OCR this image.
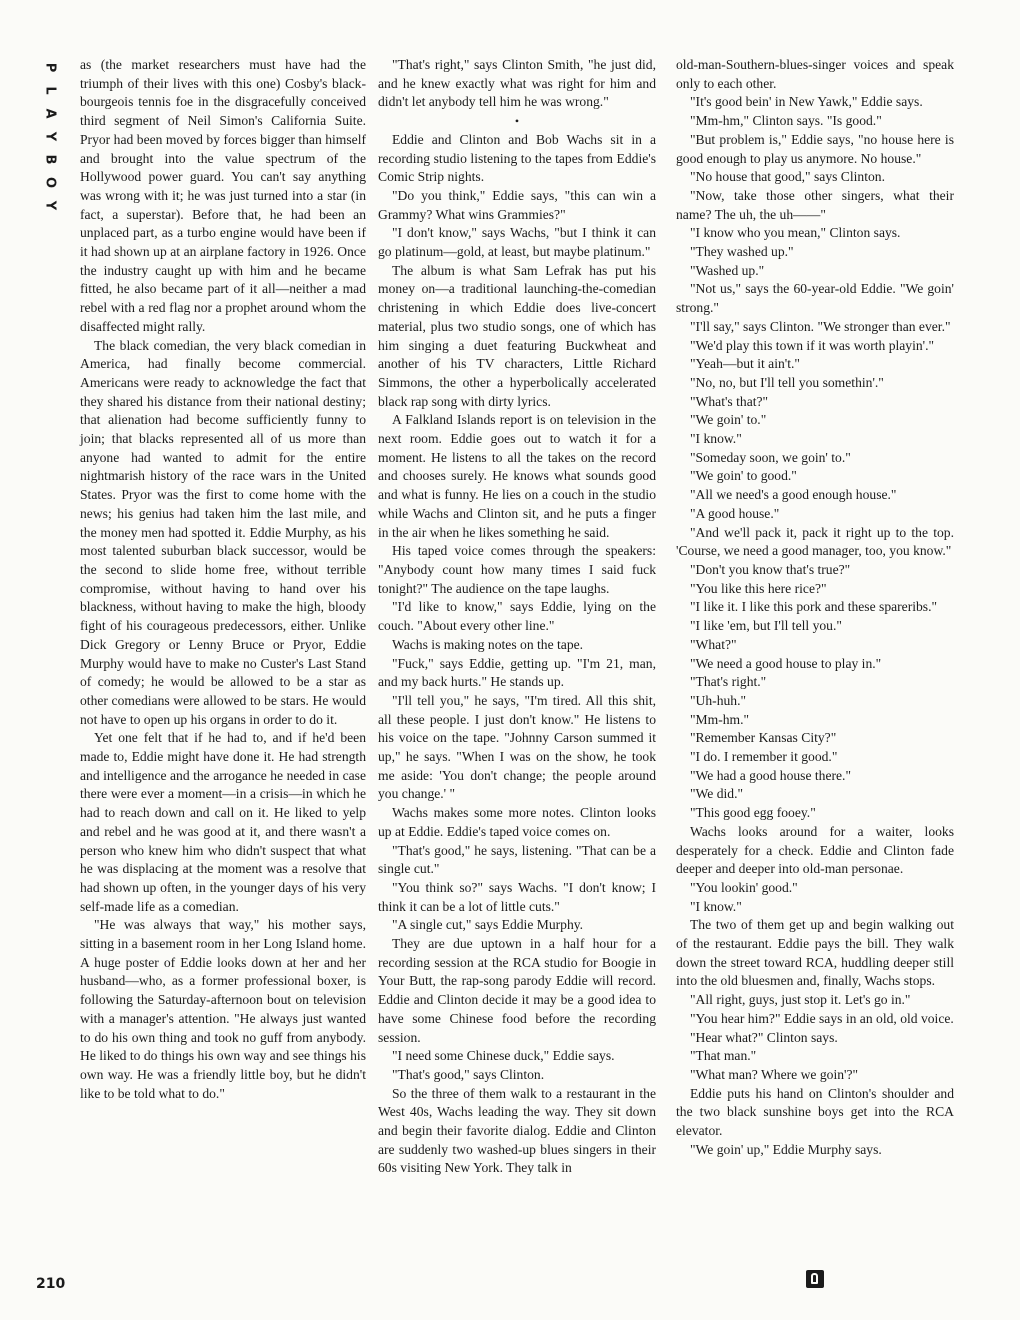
P
L
A
Y
B
O
Y

as (the market researchers must have had the triumph of their lives with this one) Cosby's black-bourgeois tennis foe in the disgracefully conceived third segment of Neil Simon's California Suite. Pryor had been moved by forces bigger than himself and brought into the value spectrum of the Hollywood power guard. You can't say anything was wrong with it; he was just turned into a star (in fact, a superstar). Before that, he had been an unplaced part, as a turbo engine would have been if it had shown up at an airplane factory in 1926. Once the industry caught up with him and he became fitted, he also became part of it all—neither a mad rebel with a red flag nor a prophet around whom the disaffected might rally.

The black comedian, the very black comedian in America, had finally become commercial. Americans were ready to acknowledge the fact that they shared his distance from their national destiny; that alienation had become sufficiently funny to join; that blacks represented all of us more than anyone had wanted to admit for the entire nightmarish history of the race wars in the United States. Pryor was the first to come home with the news; his genius had taken him the last mile, and the money men had spotted it. Eddie Murphy, as his most talented suburban black successor, would be the second to slide home free, without terrible compromise, without having to hand over his blackness, without having to make the high, bloody fight of his courageous predecessors, either. Unlike Dick Gregory or Lenny Bruce or Pryor, Eddie Murphy would have to make no Custer's Last Stand of comedy; he would be allowed to be a star as other comedians were allowed to be stars. He would not have to open up his organs in order to do it.

Yet one felt that if he had to, and if he'd been made to, Eddie might have done it. He had strength and intelligence and the arrogance he needed in case there were ever a moment—in a crisis—in which he had to reach down and call on it. He liked to yelp and rebel and he was good at it, and there wasn't a person who knew him who didn't suspect that what he was displacing at the moment was a resolve that had shown up often, in the younger days of his very self-made life as a comedian.

"He was always that way," his mother says, sitting in a basement room in her Long Island home. A huge poster of Eddie looks down at her and her husband—who, as a former professional boxer, is following the Saturday-afternoon bout on television with a manager's attention. "He always just wanted to do his own thing and took no guff from anybody. He liked to do things his own way and see things his own way. He was a friendly little boy, but he didn't like to be told what to do."

"That's right," says Clinton Smith, "he just did, and he knew exactly what was right for him and didn't let anybody tell him he was wrong."

•

Eddie and Clinton and Bob Wachs sit in a recording studio listening to the tapes from Eddie's Comic Strip nights.

"Do you think," Eddie says, "this can win a Grammy? What wins Grammies?"

"I don't know," says Wachs, "but I think it can go platinum—gold, at least, but maybe platinum."

The album is what Sam Lefrak has put his money on—a traditional launching-the-comedian christening in which Eddie does live-concert material, plus two studio songs, one of which has him singing a duet featuring Buckwheat and another of his TV characters, Little Richard Simmons, the other a hyperbolically accelerated black rap song with dirty lyrics.

A Falkland Islands report is on television in the next room. Eddie goes out to watch it for a moment. He listens to all the takes on the record and chooses surely. He knows what sounds good and what is funny. He lies on a couch in the studio while Wachs and Clinton sit, and he puts a finger in the air when he likes something he said.

His taped voice comes through the speakers: "Anybody count how many times I said fuck tonight?" The audience on the tape laughs.

"I'd like to know," says Eddie, lying on the couch. "About every other line."

Wachs is making notes on the tape.

"Fuck," says Eddie, getting up. "I'm 21, man, and my back hurts." He stands up.

"I'll tell you," he says, "I'm tired. All this shit, all these people. I just don't know." He listens to his voice on the tape. "Johnny Carson summed it up," he says. "When I was on the show, he took me aside: 'You don't change; the people around you change.' "

Wachs makes some more notes. Clinton looks up at Eddie. Eddie's taped voice comes on.

"That's good," he says, listening. "That can be a single cut."

"You think so?" says Wachs. "I don't know; I think it can be a lot of little cuts."

"A single cut," says Eddie Murphy.

They are due uptown in a half hour for a recording session at the RCA studio for Boogie in Your Butt, the rap-song parody Eddie will record. Eddie and Clinton decide it may be a good idea to have some Chinese food before the recording session.

"I need some Chinese duck," Eddie says.

"That's good," says Clinton.

So the three of them walk to a restaurant in the West 40s, Wachs leading the way. They sit down and begin their favorite dialog. Eddie and Clinton are suddenly two washed-up blues singers in their 60s visiting New York. They talk in

old-man-Southern-blues-singer voices and speak only to each other.

"It's good bein' in New Yawk," Eddie says.

"Mm-hm," Clinton says. "Is good."

"But problem is," Eddie says, "no house here is good enough to play us anymore. No house."

"No house that good," says Clinton.

"Now, take those other singers, what their name? The uh, the uh——"

"I know who you mean," Clinton says.

"They washed up."

"Washed up."

"Not us," says the 60-year-old Eddie. "We goin' strong."

"I'll say," says Clinton. "We stronger than ever."

"We'd play this town if it was worth playin'."

"Yeah—but it ain't."

"No, no, but I'll tell you somethin'."

"What's that?"

"We goin' to."

"I know."

"Someday soon, we goin' to."

"We goin' to good."

"All we need's a good enough house."

"A good house."

"And we'll pack it, pack it right up to the top. 'Course, we need a good manager, too, you know."

"Don't you know that's true?"

"You like this here rice?"

"I like it. I like this pork and these spareribs."

"I like 'em, but I'll tell you."

"What?"

"We need a good house to play in."

"That's right."

"Uh-huh."

"Mm-hm."

"Remember Kansas City?"

"I do. I remember it good."

"We had a good house there."

"We did."

"This good egg fooey."

Wachs looks around for a waiter, looks desperately for a check. Eddie and Clinton fade deeper and deeper into old-man personae.

"You lookin' good."

"I know."

The two of them get up and begin walking out of the restaurant. Eddie pays the bill. They walk down the street toward RCA, huddling deeper still into the old bluesmen and, finally, Wachs stops.

"All right, guys, just stop it. Let's go in."

"You hear him?" Eddie says in an old, old voice.

"Hear what?" Clinton says.

"That man."

"What man? Where we goin'?"

Eddie puts his hand on Clinton's shoulder and the two black sunshine boys get into the RCA elevator.

"We goin' up," Eddie Murphy says.

210
